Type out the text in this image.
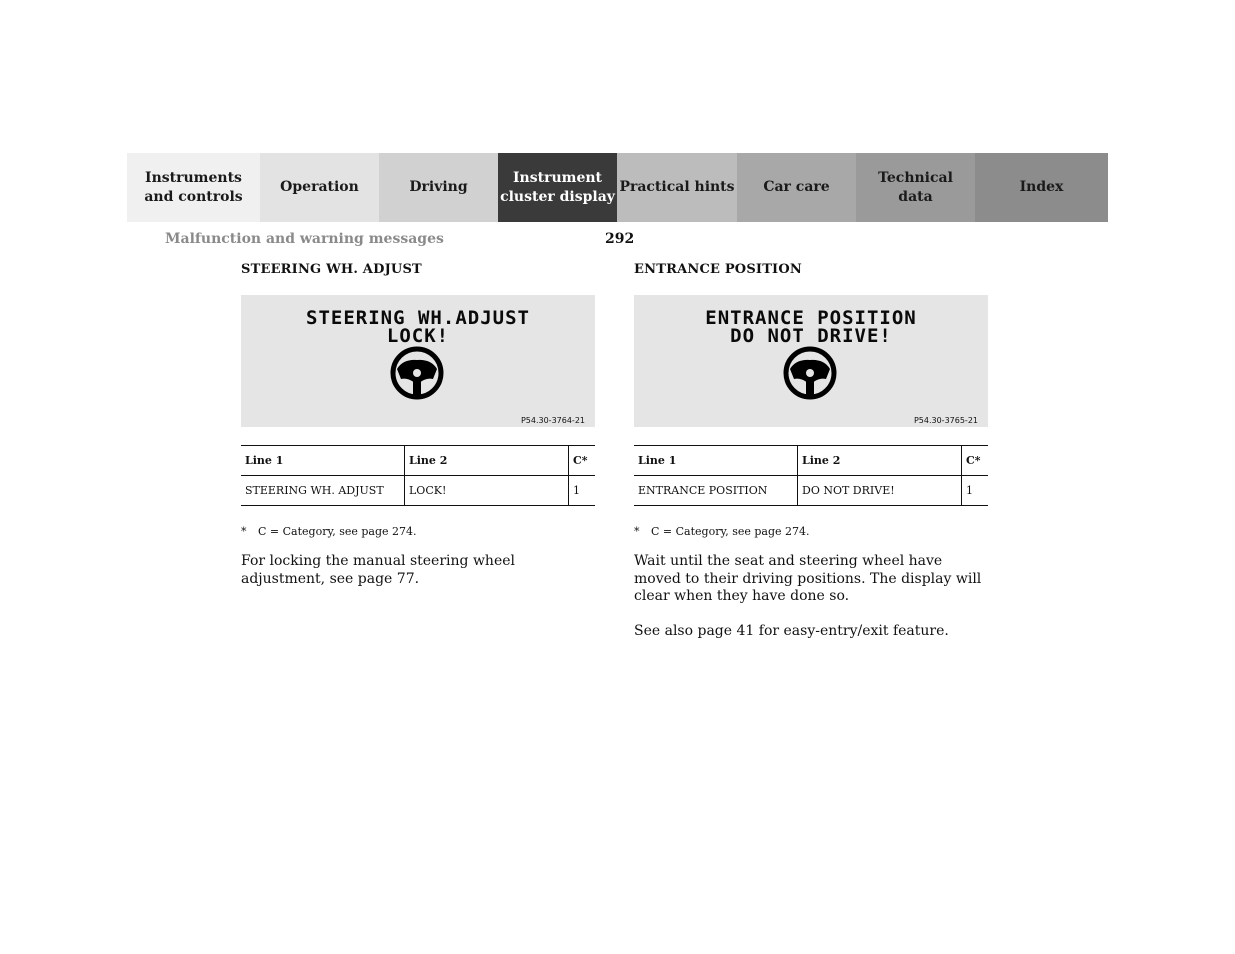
Instruments
and controls
Operation	Driving
Instrument
cluster display
Practical hints Car care
Technical
data
Index
Malfunction and warning messages	292
STEERING WH. ADJUST
STEERING WH.ADJUST
LOCK!
P54.30-3764-21
Line 1	Line 2	C*
STEERING WH. ADJUST	LOCK!	1
* C = Category, see page 274.

For locking the manual steering wheel adjustment, see page 77.

ENTRANCE POSITION
ENTRANCE POSITION
DO NOT DRIVE!
P54.30-3765-21
Line 1	Line 2	C*
ENTRANCE POSITION	DO NOT DRIVE!	1
* C = Category, see page 274.

Wait until the seat and steering wheel have moved to their driving positions. The display will clear when they have done so.

See also page 41 for easy-entry/exit feature.
